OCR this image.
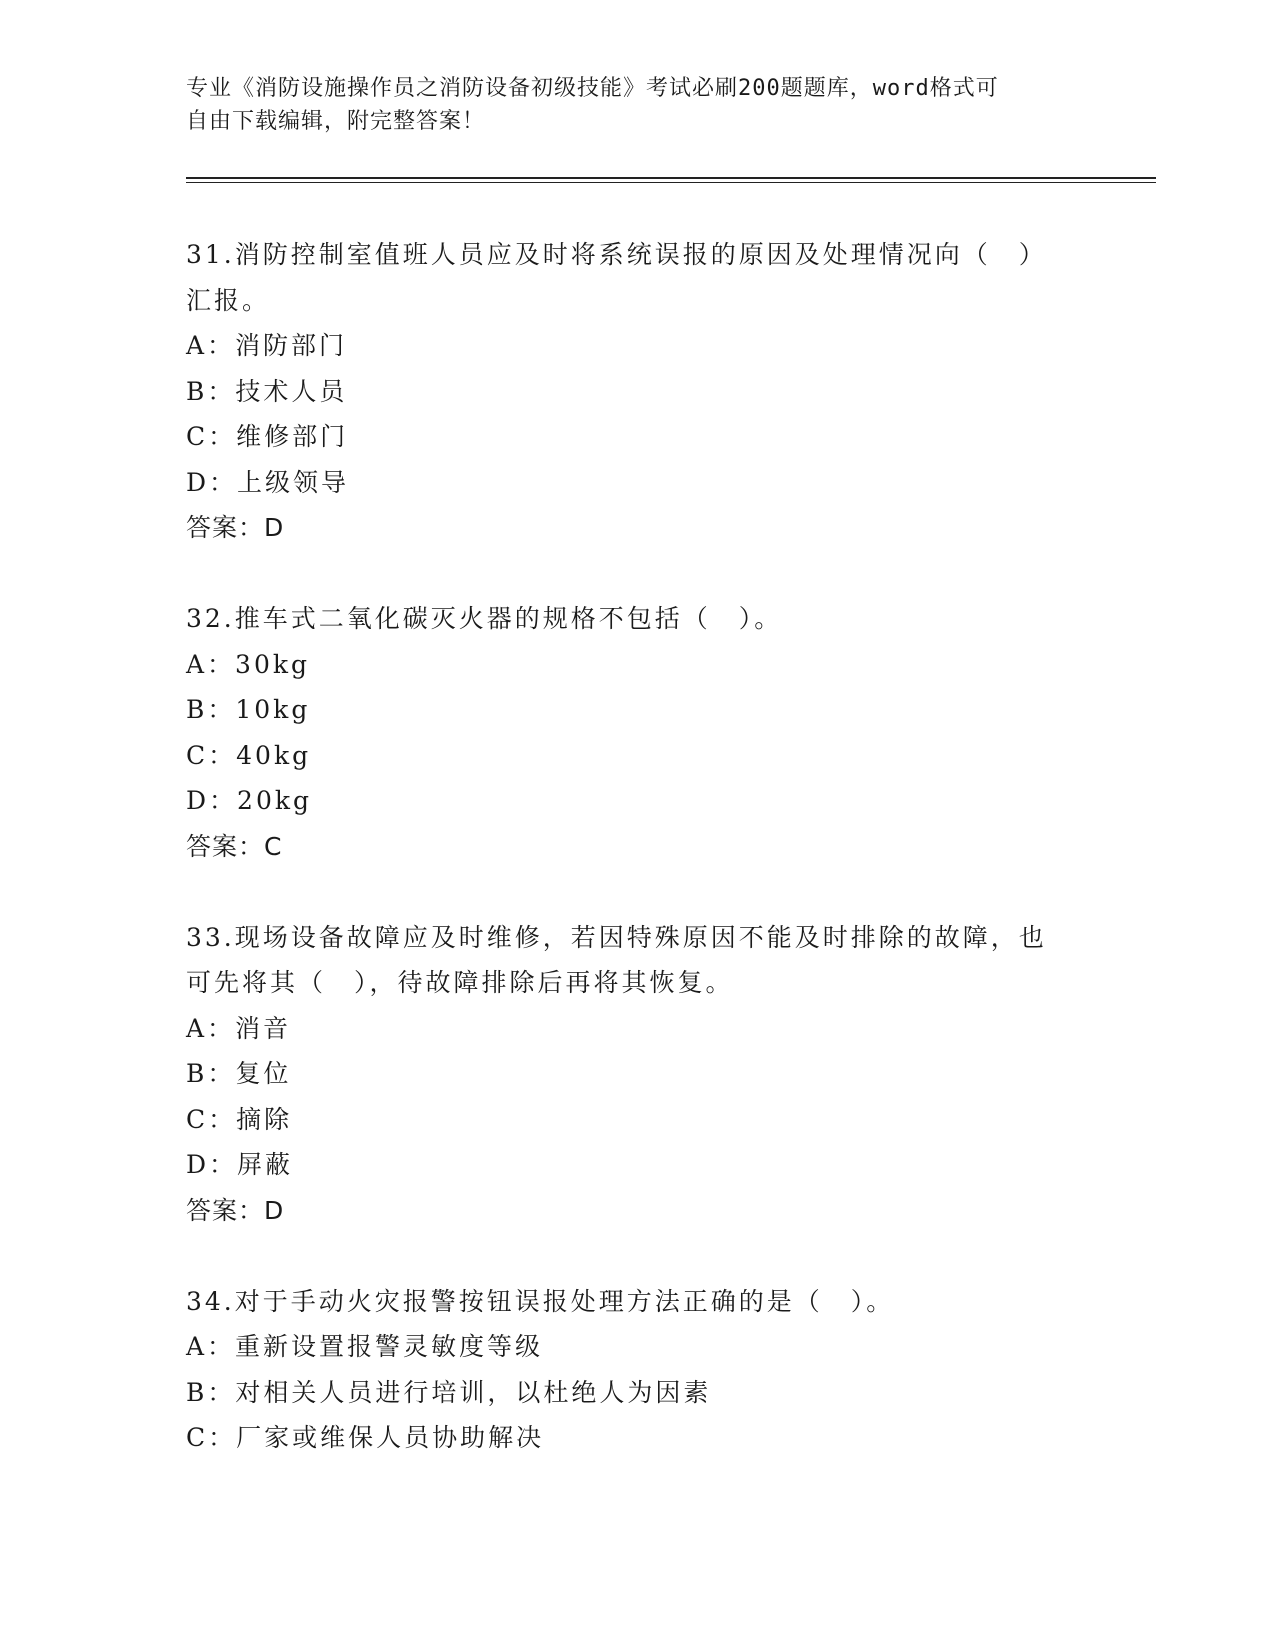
专业《消防设施操作员之消防设备初级技能》考试必刷200题题库，word格式可
自由下载编辑，附完整答案！
31.消防控制室值班人员应及时将系统误报的原因及处理情况向（　）
汇报。
A：消防部门
B：技术人员
C：维修部门
D：上级领导
答案：D
32.推车式二氧化碳灭火器的规格不包括（　）。
A：30kg
B：10kg
C：40kg
D：20kg
答案：C
33.现场设备故障应及时维修，若因特殊原因不能及时排除的故障，也
可先将其（　），待故障排除后再将其恢复。
A：消音
B：复位
C：摘除
D：屏蔽
答案：D
34.对于手动火灾报警按钮误报处理方法正确的是（　）。
A：重新设置报警灵敏度等级
B：对相关人员进行培训，以杜绝人为因素
C：厂家或维保人员协助解决
